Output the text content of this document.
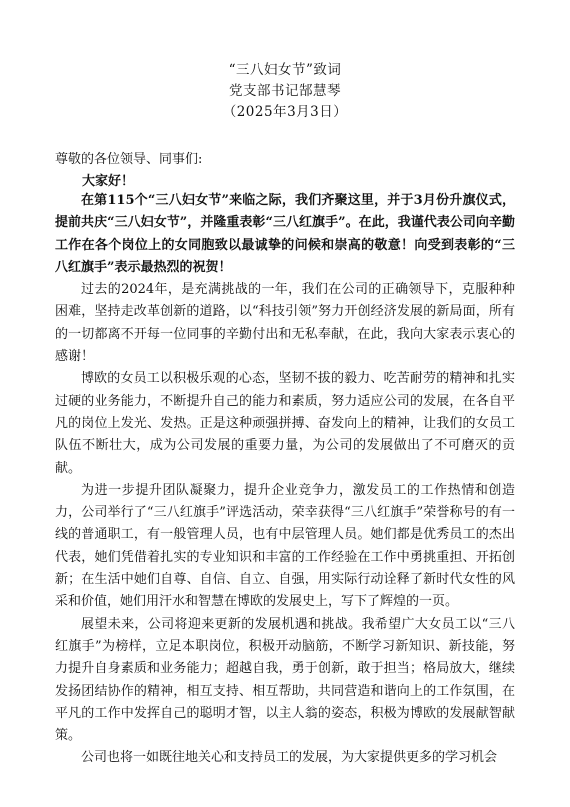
“三八妇女节”致词
党支部书记郜慧琴
（2025年3月3日）
尊敬的各位领导、同事们:
大家好！

在第115个“三八妇女节”来临之际，我们齐聚这里，并于3月份升旗仪式，提前共庆“三八妇女节”，并隆重表彰“三八红旗手”。在此，我谨代表公司向辛勤工作在各个岗位上的女同胞致以最诚挚的问候和崇高的敬意！向受到表彰的“三八红旗手”表示最热烈的祝贺！

过去的2024年，是充满挑战的一年，我们在公司的正确领导下，克服种种困难，坚持走改革创新的道路，以“科技引领”努力开创经济发展的新局面，所有的一切都离不开每一位同事的辛勤付出和无私奉献，在此，我向大家表示衷心的感谢！

博欧的女员工以积极乐观的心态，坚韧不拔的毅力、吃苦耐劳的精神和扎实过硬的业务能力，不断提升自己的能力和素质，努力适应公司的发展，在各自平凡的岗位上发光、发热。正是这种顽强拼搏、奋发向上的精神，让我们的女员工队伍不断壮大，成为公司发展的重要力量，为公司的发展做出了不可磨灭的贡献。

为进一步提升团队凝聚力，提升企业竞争力，激发员工的工作热情和创造力，公司举行了“三八红旗手”评选活动，荣幸获得“三八红旗手”荣誉称号的有一线的普通职工，有一般管理人员，也有中层管理人员。她们都是优秀员工的杰出代表，她们凭借着扎实的专业知识和丰富的工作经验在工作中勇挑重担、开拓创新；在生活中她们自尊、自信、自立、自强，用实际行动诠释了新时代女性的风采和价值，她们用汗水和智慧在博欧的发展史上，写下了辉煌的一页。

展望未来，公司将迎来更新的发展机遇和挑战。我希望广大女员工以“三八红旗手”为榜样，立足本职岗位，积极开动脑筋，不断学习新知识、新技能，努力提升自身素质和业务能力；超越自我，勇于创新，敢于担当；格局放大，继续发扬团结协作的精神，相互支持、相互帮助，共同营造和谐向上的工作氛围，在平凡的工作中发挥自己的聪明才智，以主人翁的姿态，积极为博欧的发展献智献策。

公司也将一如既往地关心和支持员工的发展，为大家提供更多的学习机会
